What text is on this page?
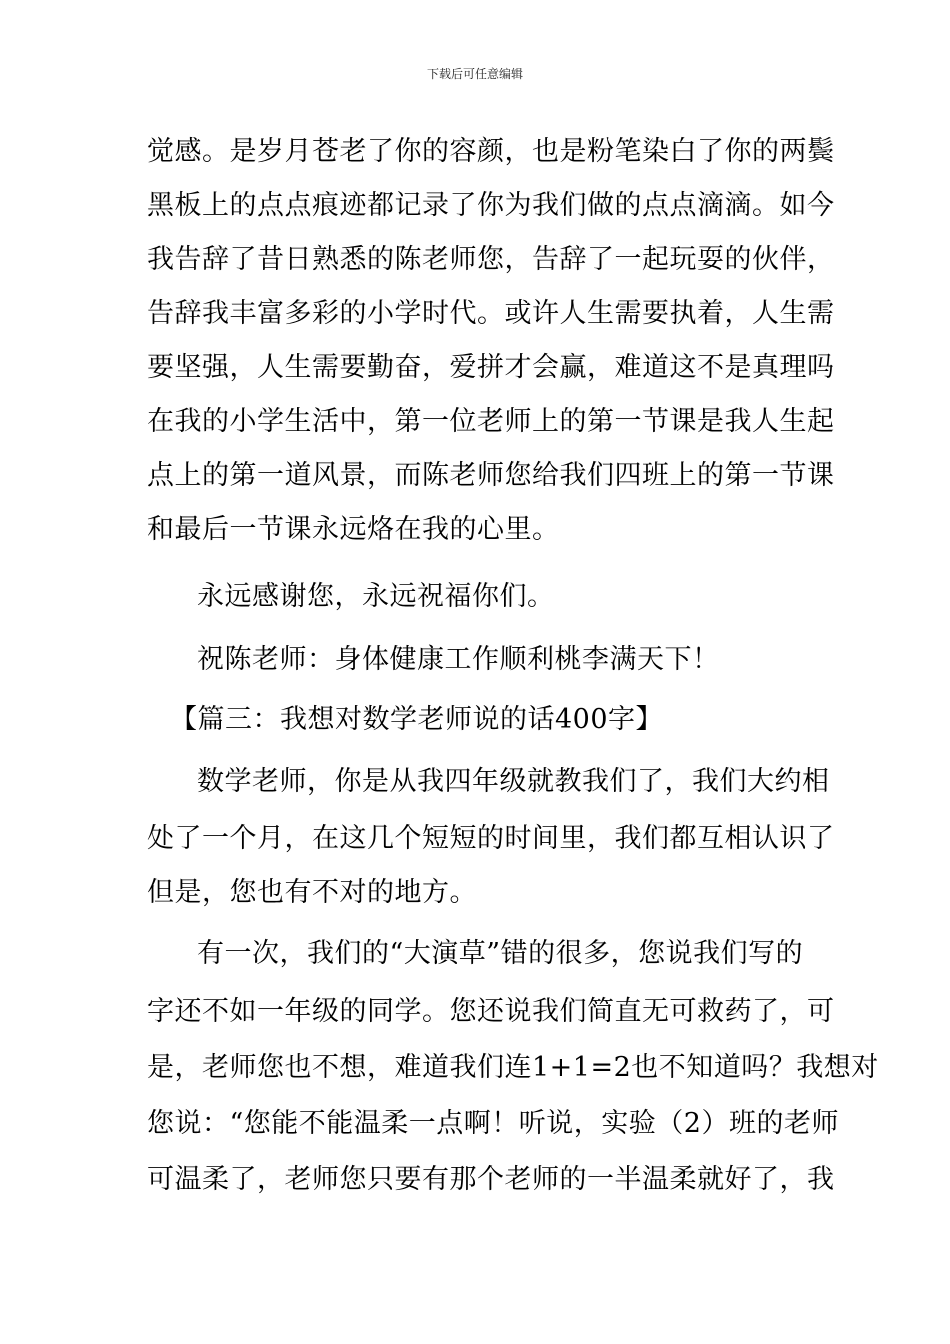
下载后可任意编辑
觉感。是岁月苍老了你的容颜，也是粉笔染白了你的两鬓
黑板上的点点痕迹都记录了你为我们做的点点滴滴。如今
我告辞了昔日熟悉的陈老师您，告辞了一起玩耍的伙伴，
告辞我丰富多彩的小学时代。或许人生需要执着，人生需
要坚强，人生需要勤奋，爱拼才会赢，难道这不是真理吗
在我的小学生活中，第一位老师上的第一节课是我人生起
点上的第一道风景，而陈老师您给我们四班上的第一节课
和最后一节课永远烙在我的心里。
永远感谢您，永远祝福你们。
祝陈老师：身体健康工作顺利桃李满天下！
【篇三：我想对数学老师说的话400字】
数学老师，你是从我四年级就教我们了，我们大约相
处了一个月，在这几个短短的时间里，我们都互相认识了
但是，您也有不对的地方。
有一次，我们的“大演草”错的很多，您说我们写的
字还不如一年级的同学。您还说我们简直无可救药了，可
是，老师您也不想，难道我们连1+1=2也不知道吗？我想对
您说：“您能不能温柔一点啊！听说，实验（2）班的老师
可温柔了，老师您只要有那个老师的一半温柔就好了，我
